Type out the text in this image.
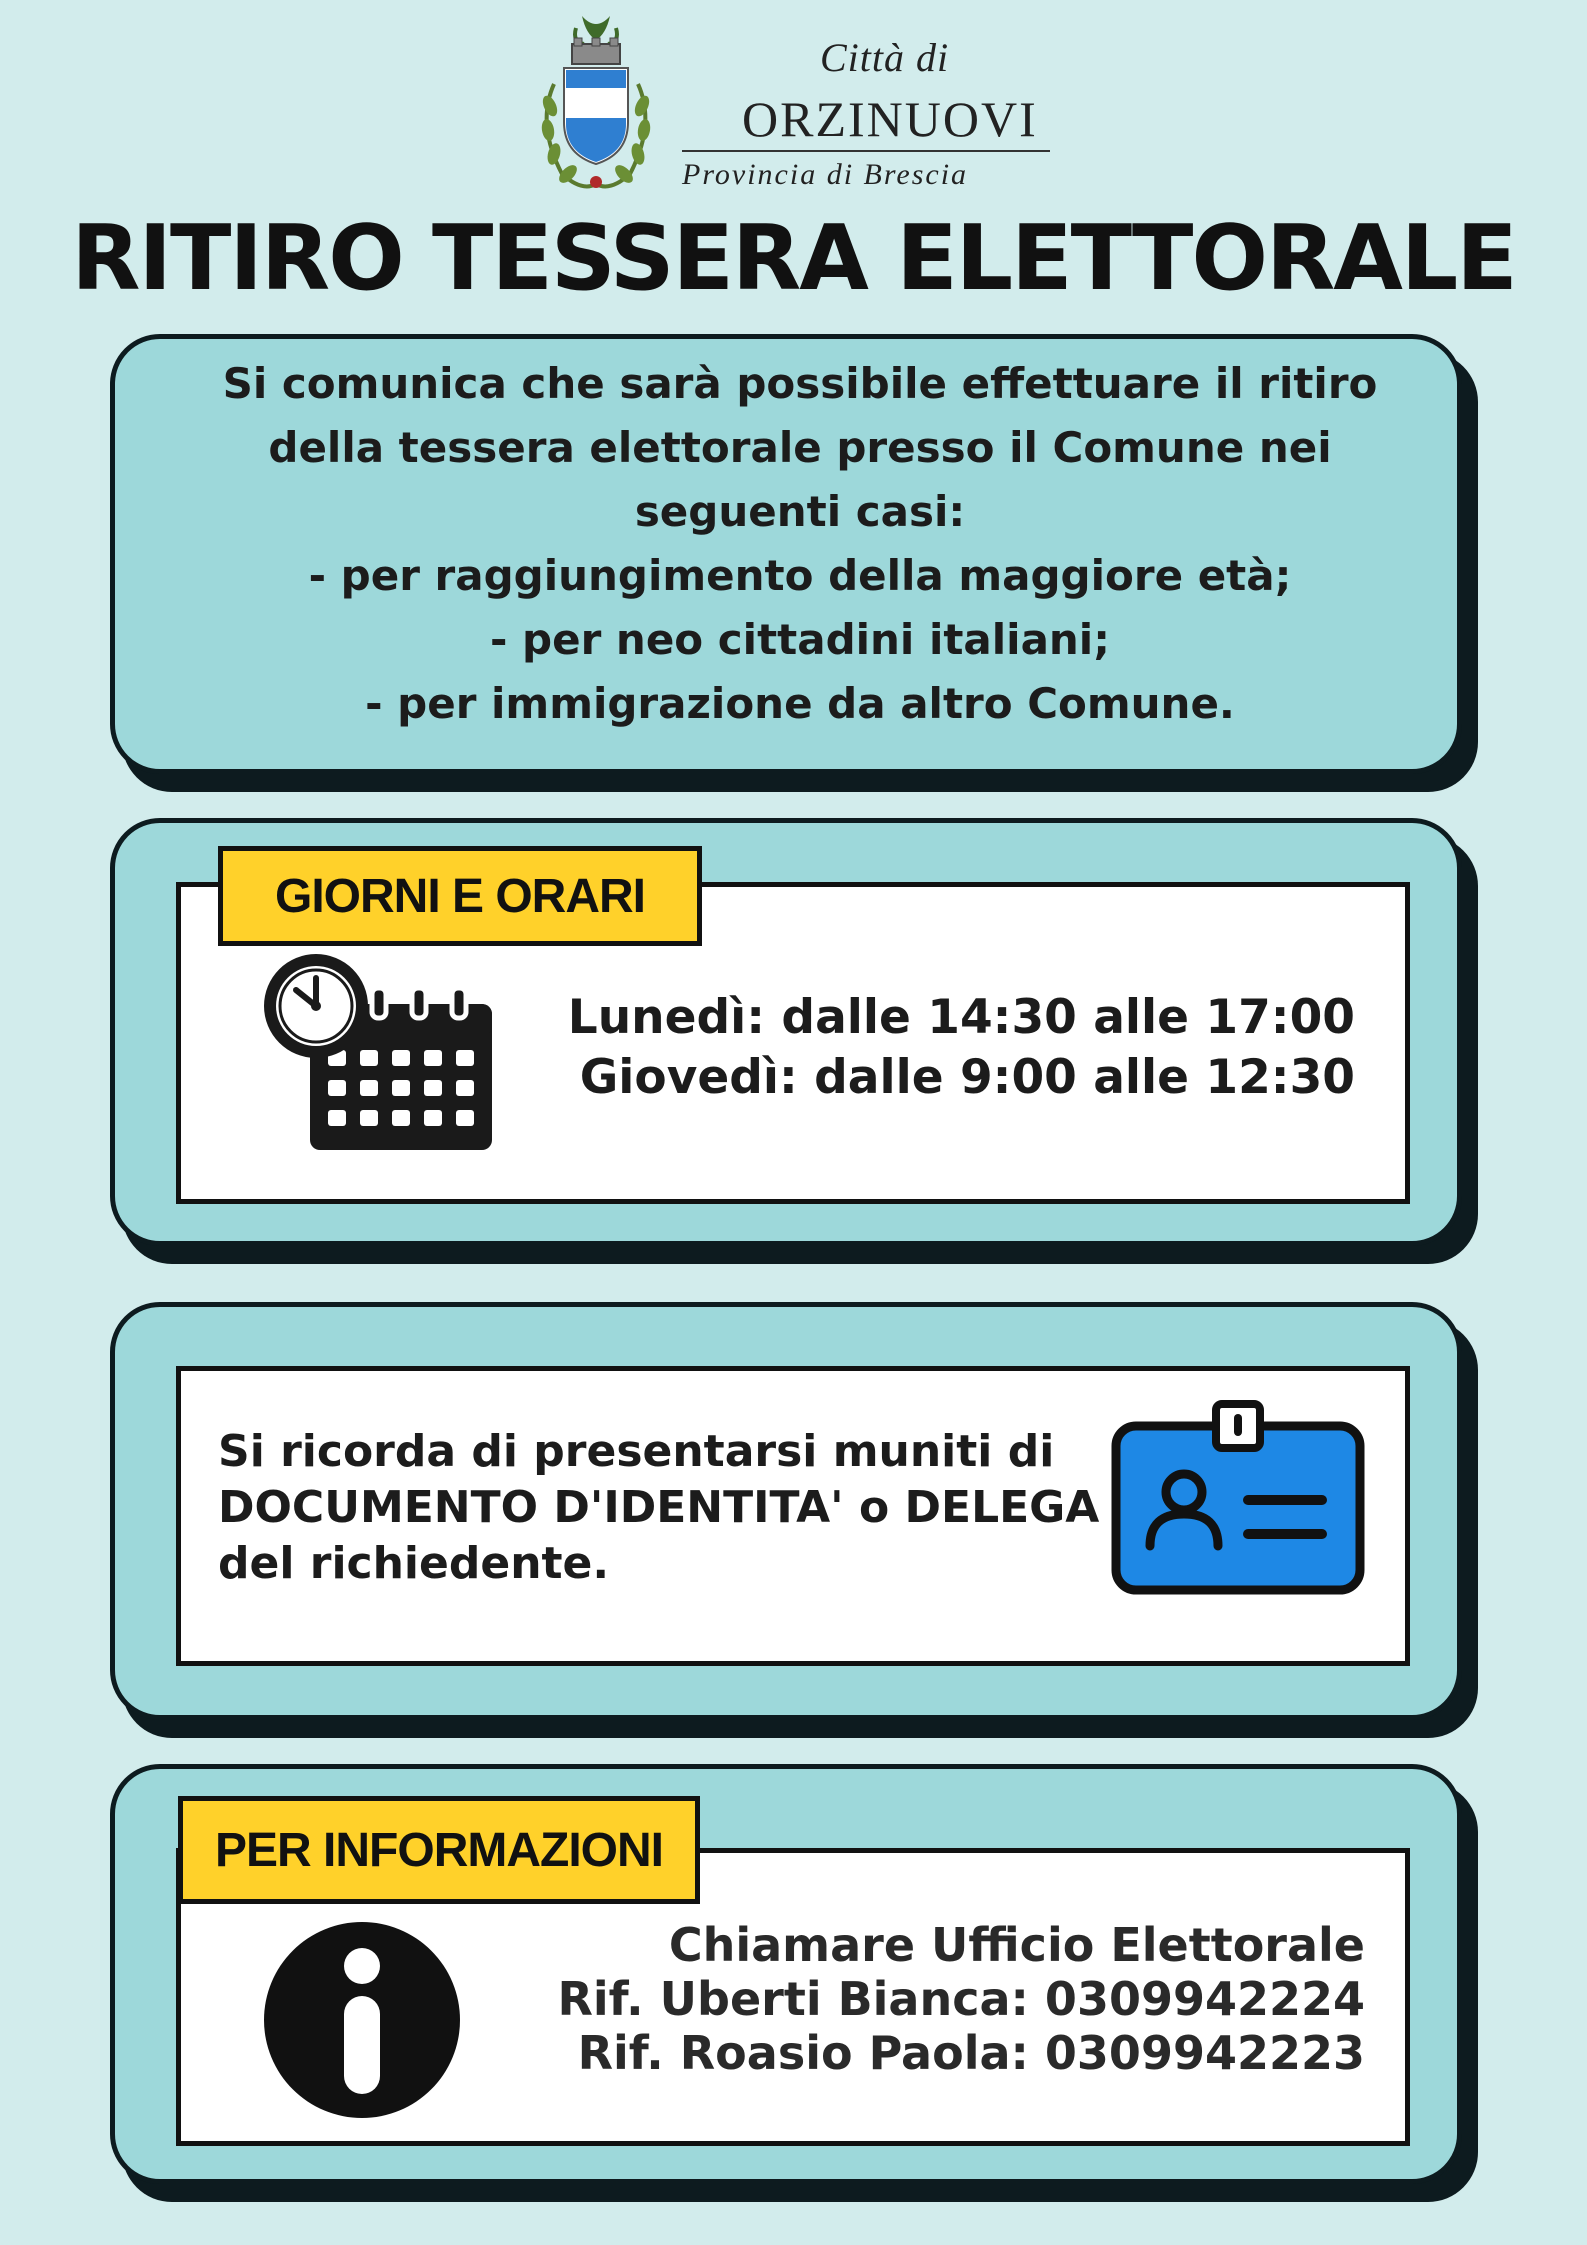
Città di
ORZINUOVI
Provincia di Brescia
RITIRO TESSERA ELETTORALE
Si comunica che sarà possibile effettuare il ritiro
della tessera elettorale presso il Comune nei
seguenti casi:
- per raggiungimento della maggiore età;
- per neo cittadini italiani;
- per immigrazione da altro Comune.
GIORNI E ORARI
Lunedì: dalle 14:30 alle 17:00
Giovedì: dalle 9:00 alle 12:30
Si ricorda di presentarsi muniti di
DOCUMENTO D'IDENTITA' o DELEGA
del richiedente.
PER INFORMAZIONI
Chiamare Ufficio Elettorale
Rif. Uberti Bianca: 0309942224
Rif. Roasio Paola: 0309942223
